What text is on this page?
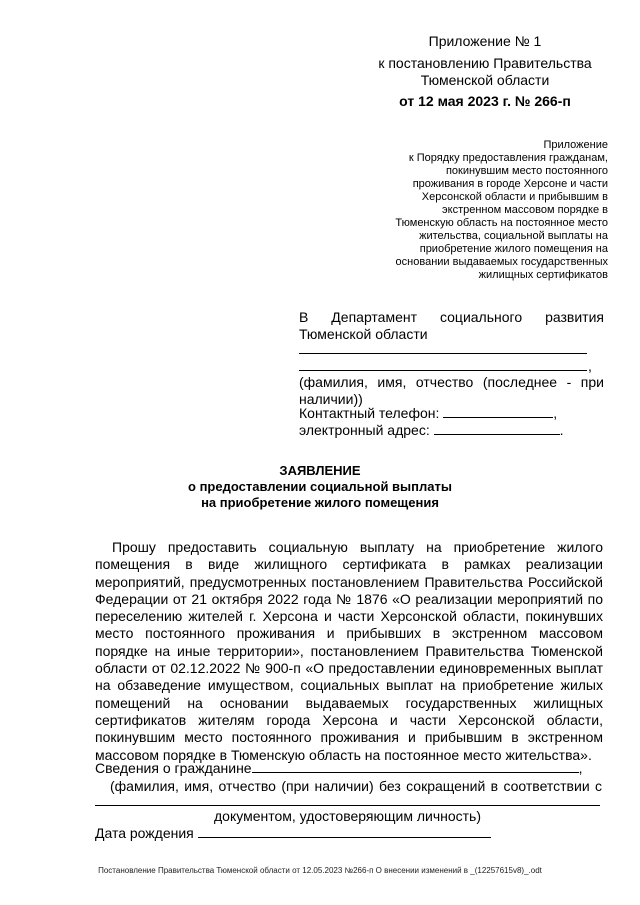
Приложение № 1
к постановлению Правительства
Тюменской области
от 12 мая 2023 г. № 266-п
Приложение
к Порядку предоставления гражданам,
покинувшим место постоянного
проживания в городе Херсоне и части
Херсонской области и прибывшим в
экстренном массовом порядке в
Тюменскую область на постоянное место
жительства, социальной выплаты на
приобретение жилого помещения на
основании выдаваемых государственных
жилищных сертификатов
В Департамент социального развития
Тюменской области
,
(фамилия, имя, отчество (последнее - при
наличии))
Контактный телефон:	,
электронный адрес:	.
ЗАЯВЛЕНИЕ
о предоставлении социальной выплаты
на приобретение жилого помещения
Прошу предоставить социальную выплату на приобретение жилого
помещения в виде жилищного сертификата в рамках реализации
мероприятий, предусмотренных постановлением Правительства Российской
Федерации от 21 октября 2022 года № 1876 «О реализации мероприятий по
переселению жителей г. Херсона и части Херсонской области, покинувших
место постоянного проживания и прибывших в экстренном массовом
порядке на иные территории», постановлением Правительства Тюменской
области от 02.12.2022 № 900-п «О предоставлении единовременных выплат
на обзаведение имуществом, социальных выплат на приобретение жилых
помещений на основании выдаваемых государственных жилищных
сертификатов жителям города Херсона и части Херсонской области,
покинувшим место постоянного проживания и прибывшим в экстренном
массовом порядке в Тюменскую область на постоянное место жительства».
Сведения о гражданине	,
(фамилия, имя, отчество (при наличии) без сокращений в соответствии с
документом, удостоверяющим личность)
Дата рождения
Постановление Правительства Тюменской области от 12.05.2023 №266-п О внесении изменений в _(12257615v8)_.odt
